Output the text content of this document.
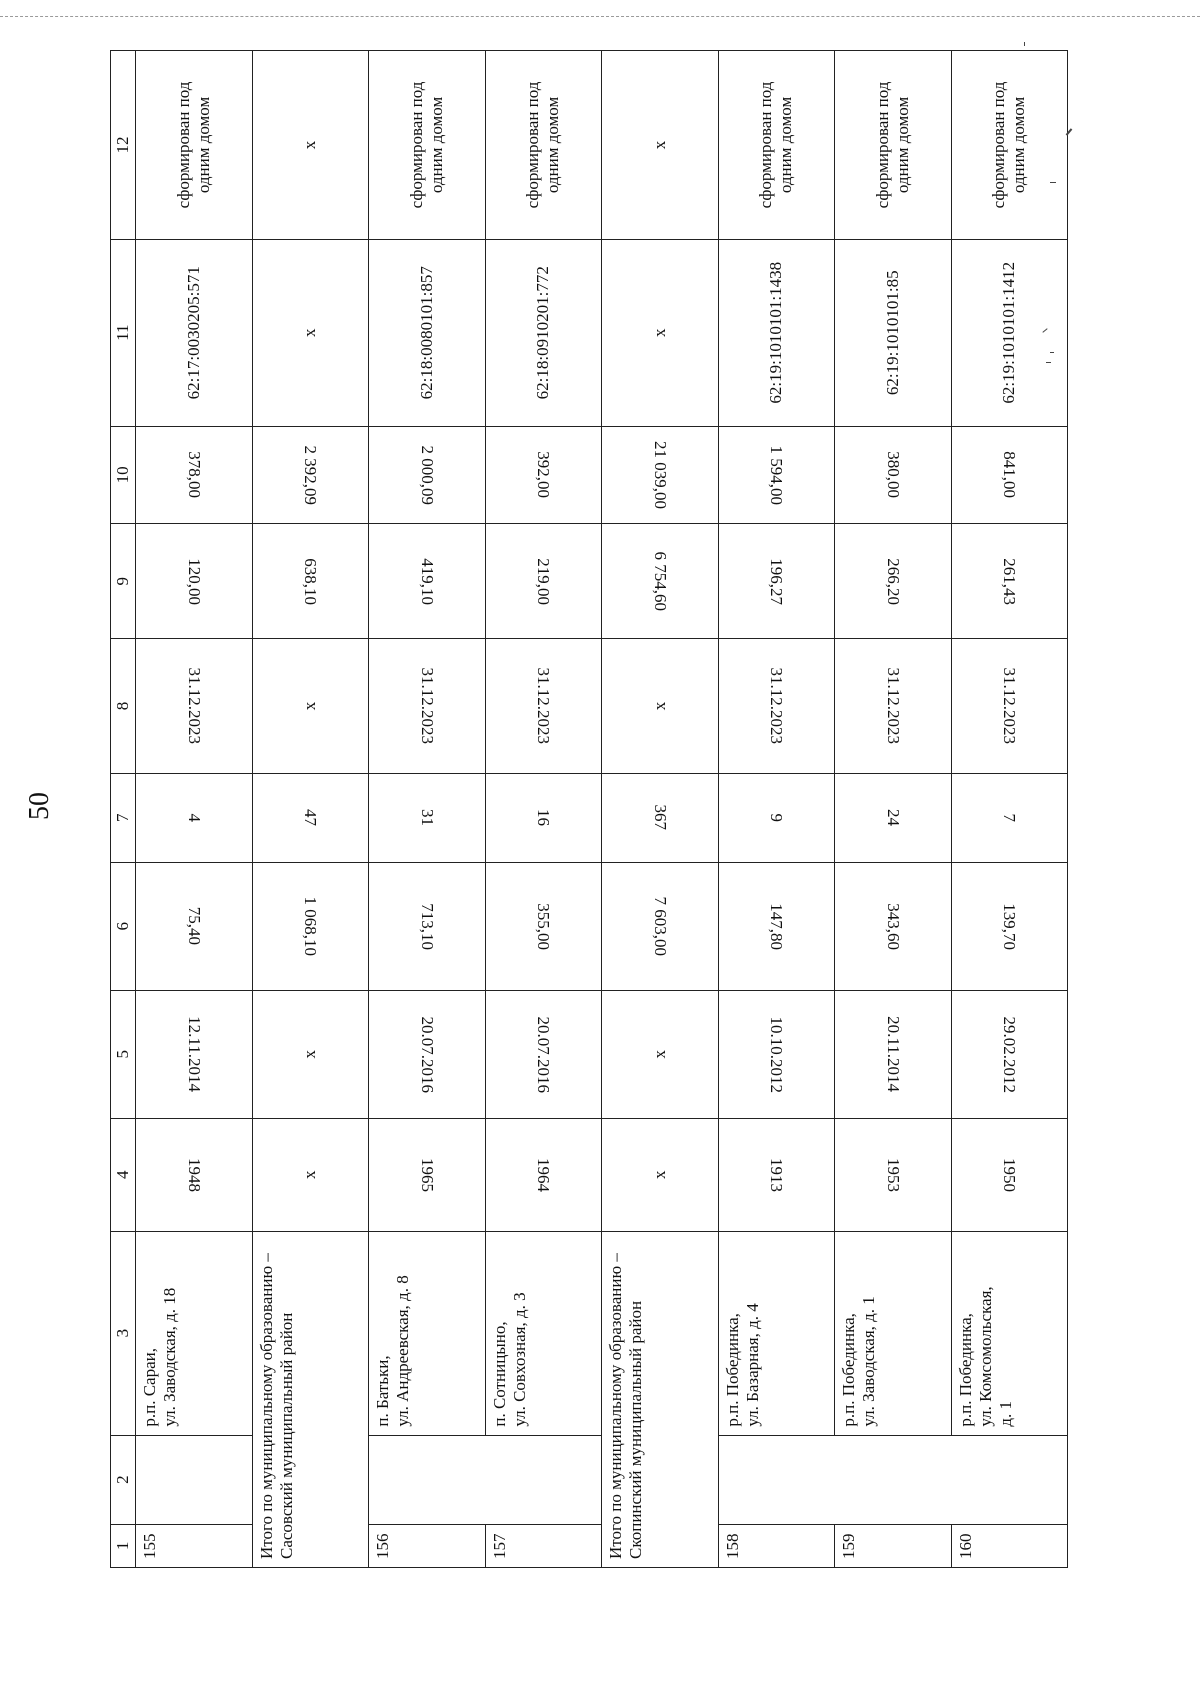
50
1	2	3	4	5	6	7	8	9	10	11	12
155		р.п. Сараи, ул. Заводская, д. 18	1948	12.11.2014	75,40	4	31.12.2023	120,00	378,00	62:17:0030205:571	сформирован под одним домом
Итого по муниципальному образованию – Сасовский муниципальный район			x	x	1 068,10	47	x	638,10	2 392,09	x	x
156		п. Батьки, ул. Андреевская, д. 8	1965	20.07.2016	713,10	31	31.12.2023	419,10	2 000,09	62:18:0080101:857	сформирован под одним домом
157		п. Сотницыно, ул. Совхозная, д. 3	1964	20.07.2016	355,00	16	31.12.2023	219,00	392,00	62:18:0910201:772	сформирован под одним домом
Итого по муниципальному образованию – Скопинский муниципальный район			x	x	7 603,00	367	x	6 754,60	21 039,00	x	x
158		р.п. Побединка, ул. Базарная, д. 4	1913	10.10.2012	147,80	9	31.12.2023	196,27	1 594,00	62:19:1010101:1438	сформирован под одним домом
159		р.п. Побединка, ул. Заводская, д. 1	1953	20.11.2014	343,60	24	31.12.2023	266,20	380,00	62:19:1010101:85	сформирован под одним домом
160		р.п. Побединка, ул. Комсомольская, д. 1	1950	29.02.2012	139,70	7	31.12.2023	261,43	841,00	62:19:1010101:1412	сформирован под одним домом
